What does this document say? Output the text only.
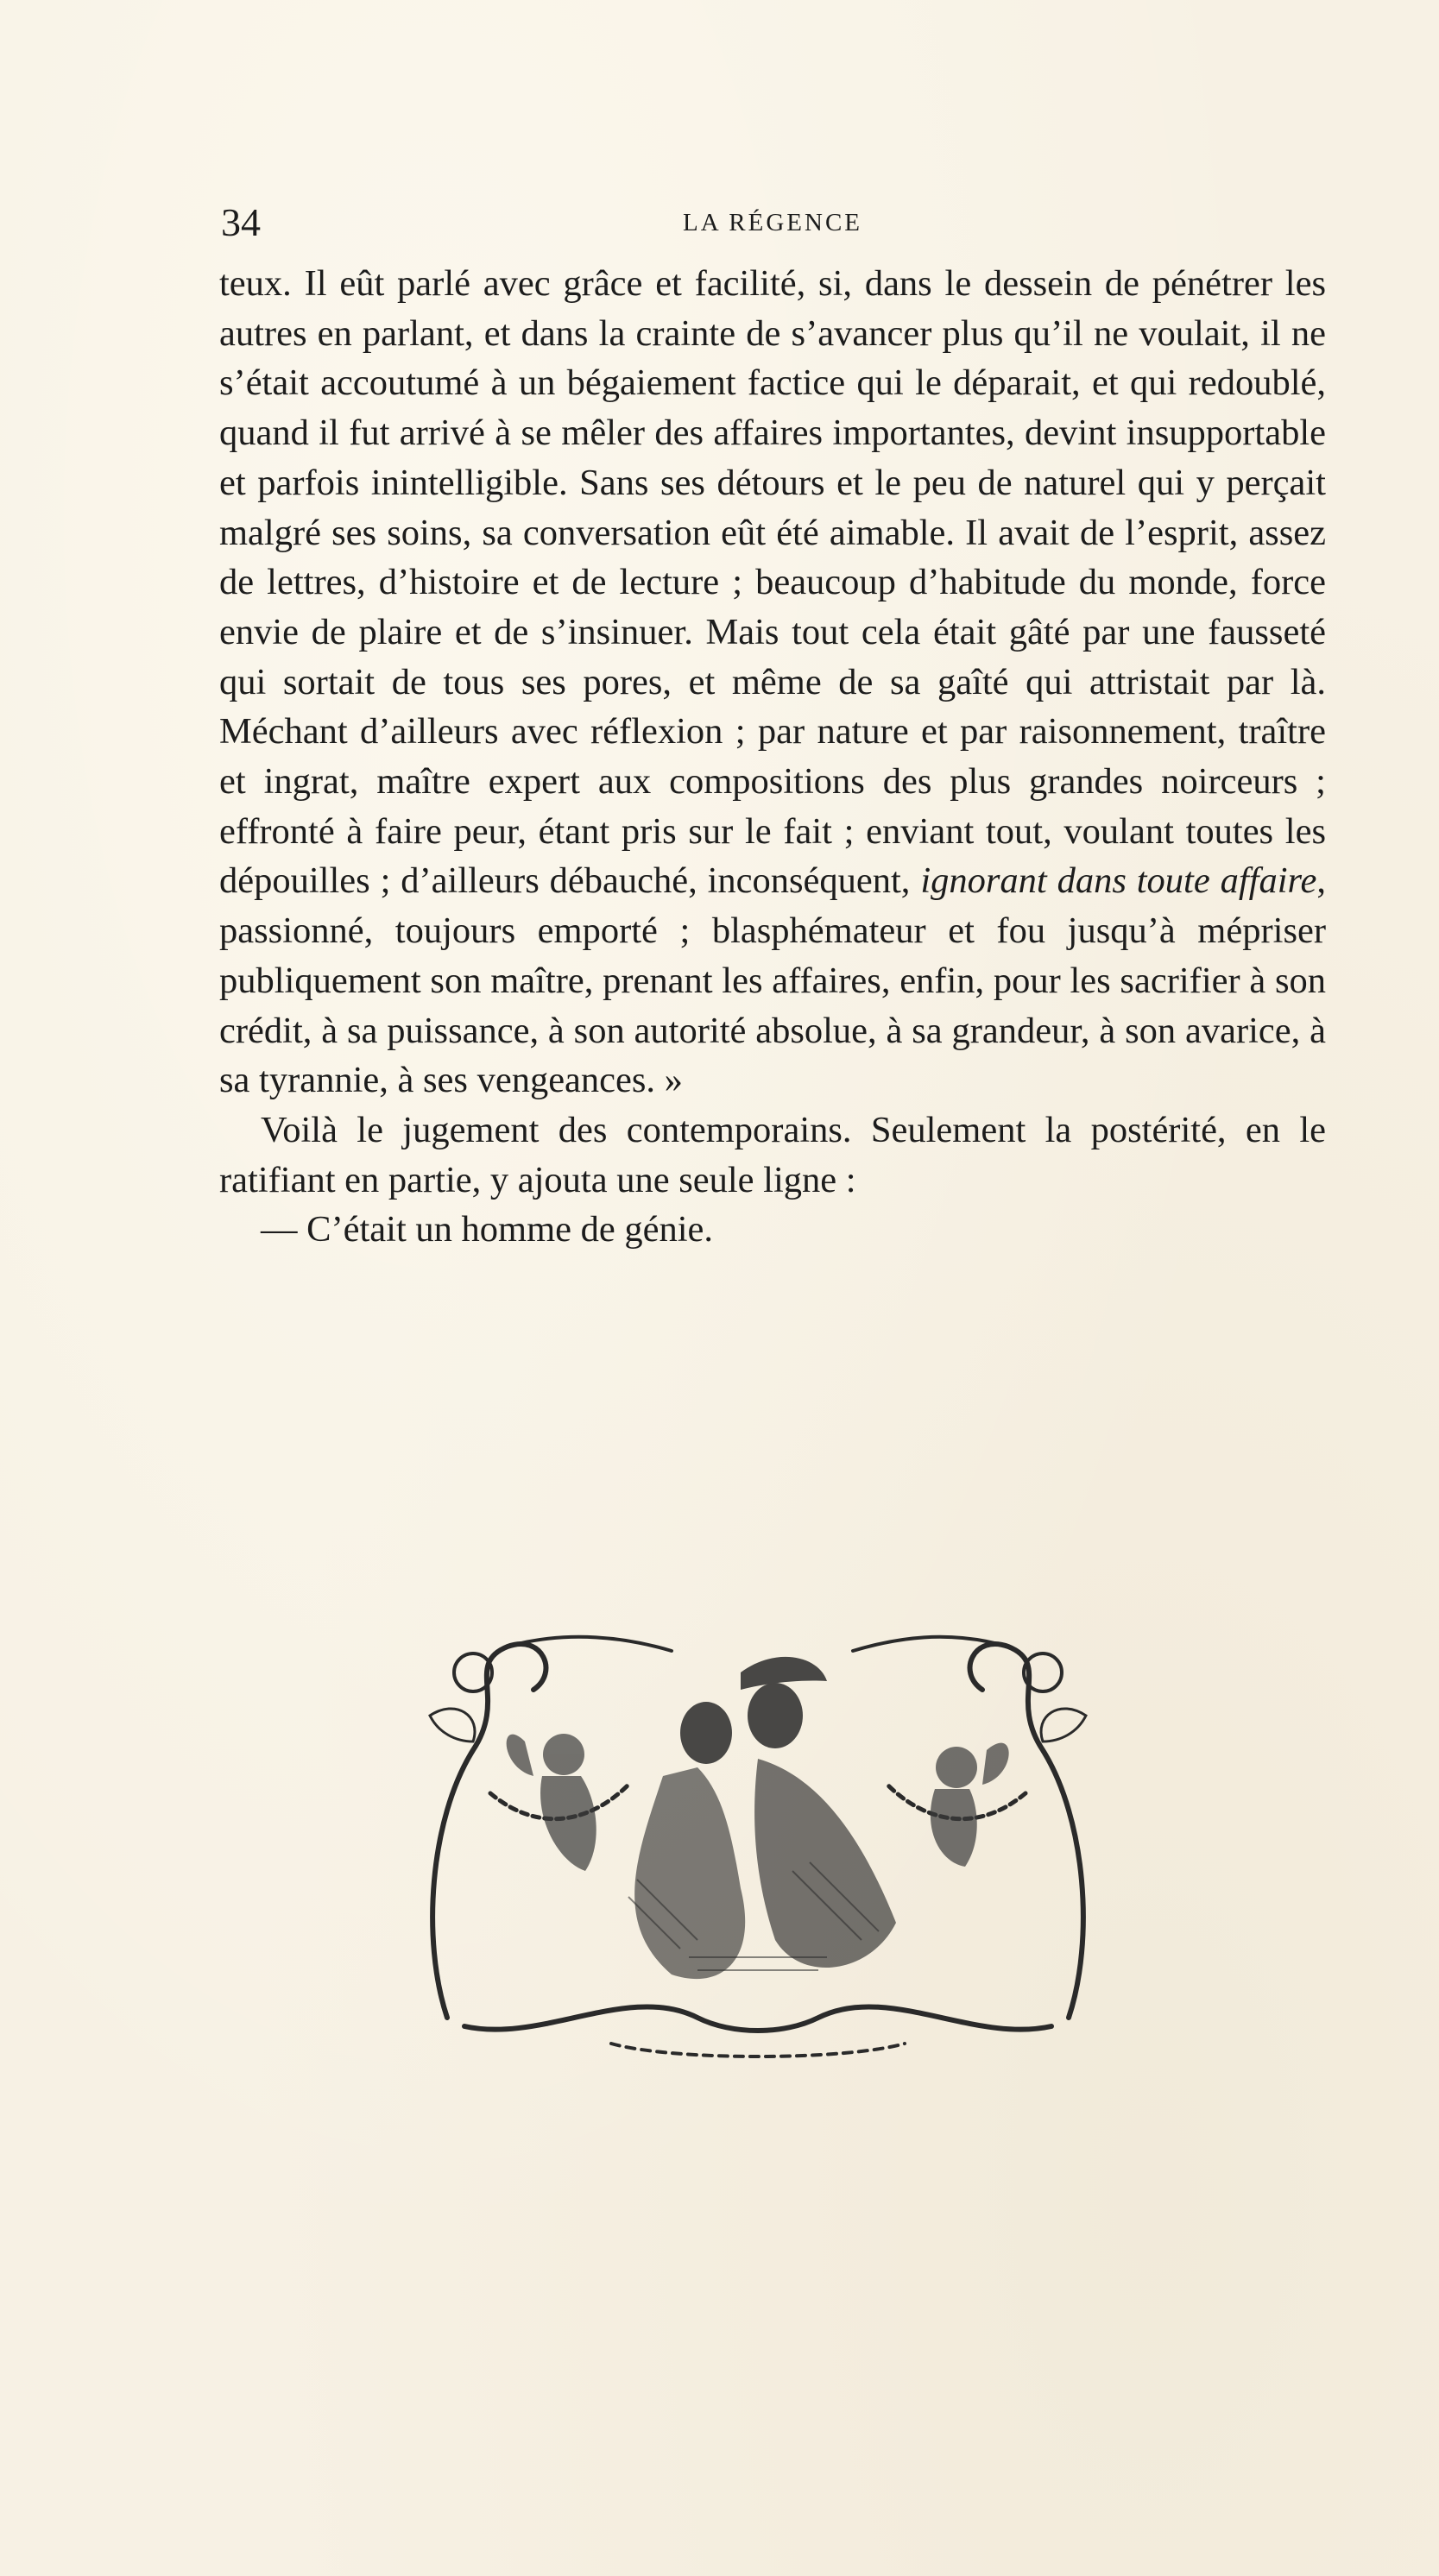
34	LA RÉGENCE

teux. Il eût parlé avec grâce et facilité, si, dans le dessein de pénétrer les autres en parlant, et dans la crainte de s’avancer plus qu’il ne voulait, il ne s’était accoutumé à un bégaiement factice qui le déparait, et qui redoublé, quand il fut arrivé à se mêler des affaires importantes, devint insupportable et parfois inintelligible. Sans ses détours et le peu de naturel qui y perçait malgré ses soins, sa conversation eût été aimable. Il avait de l’esprit, assez de lettres, d’histoire et de lecture ; beaucoup d’habitude du monde, force envie de plaire et de s’insinuer. Mais tout cela était gâté par une fausseté qui sortait de tous ses pores, et même de sa gaîté qui attristait par là. Méchant d’ailleurs avec réflexion ; par nature et par raisonnement, traître et ingrat, maître expert aux compositions des plus grandes noirceurs ; effronté à faire peur, étant pris sur le fait ; enviant tout, voulant toutes les dépouilles ; d’ailleurs débauché, inconséquent, ignorant dans toute affaire, passionné, toujours emporté ; blasphémateur et fou jusqu’à mépriser publiquement son maître, prenant les affaires, enfin, pour les sacrifier à son crédit, à sa puissance, à son autorité absolue, à sa grandeur, à son avarice, à sa tyrannie, à ses vengeances. »

Voilà le jugement des contemporains. Seulement la postérité, en le ratifiant en partie, y ajouta une seule ligne :

— C’était un homme de génie.
